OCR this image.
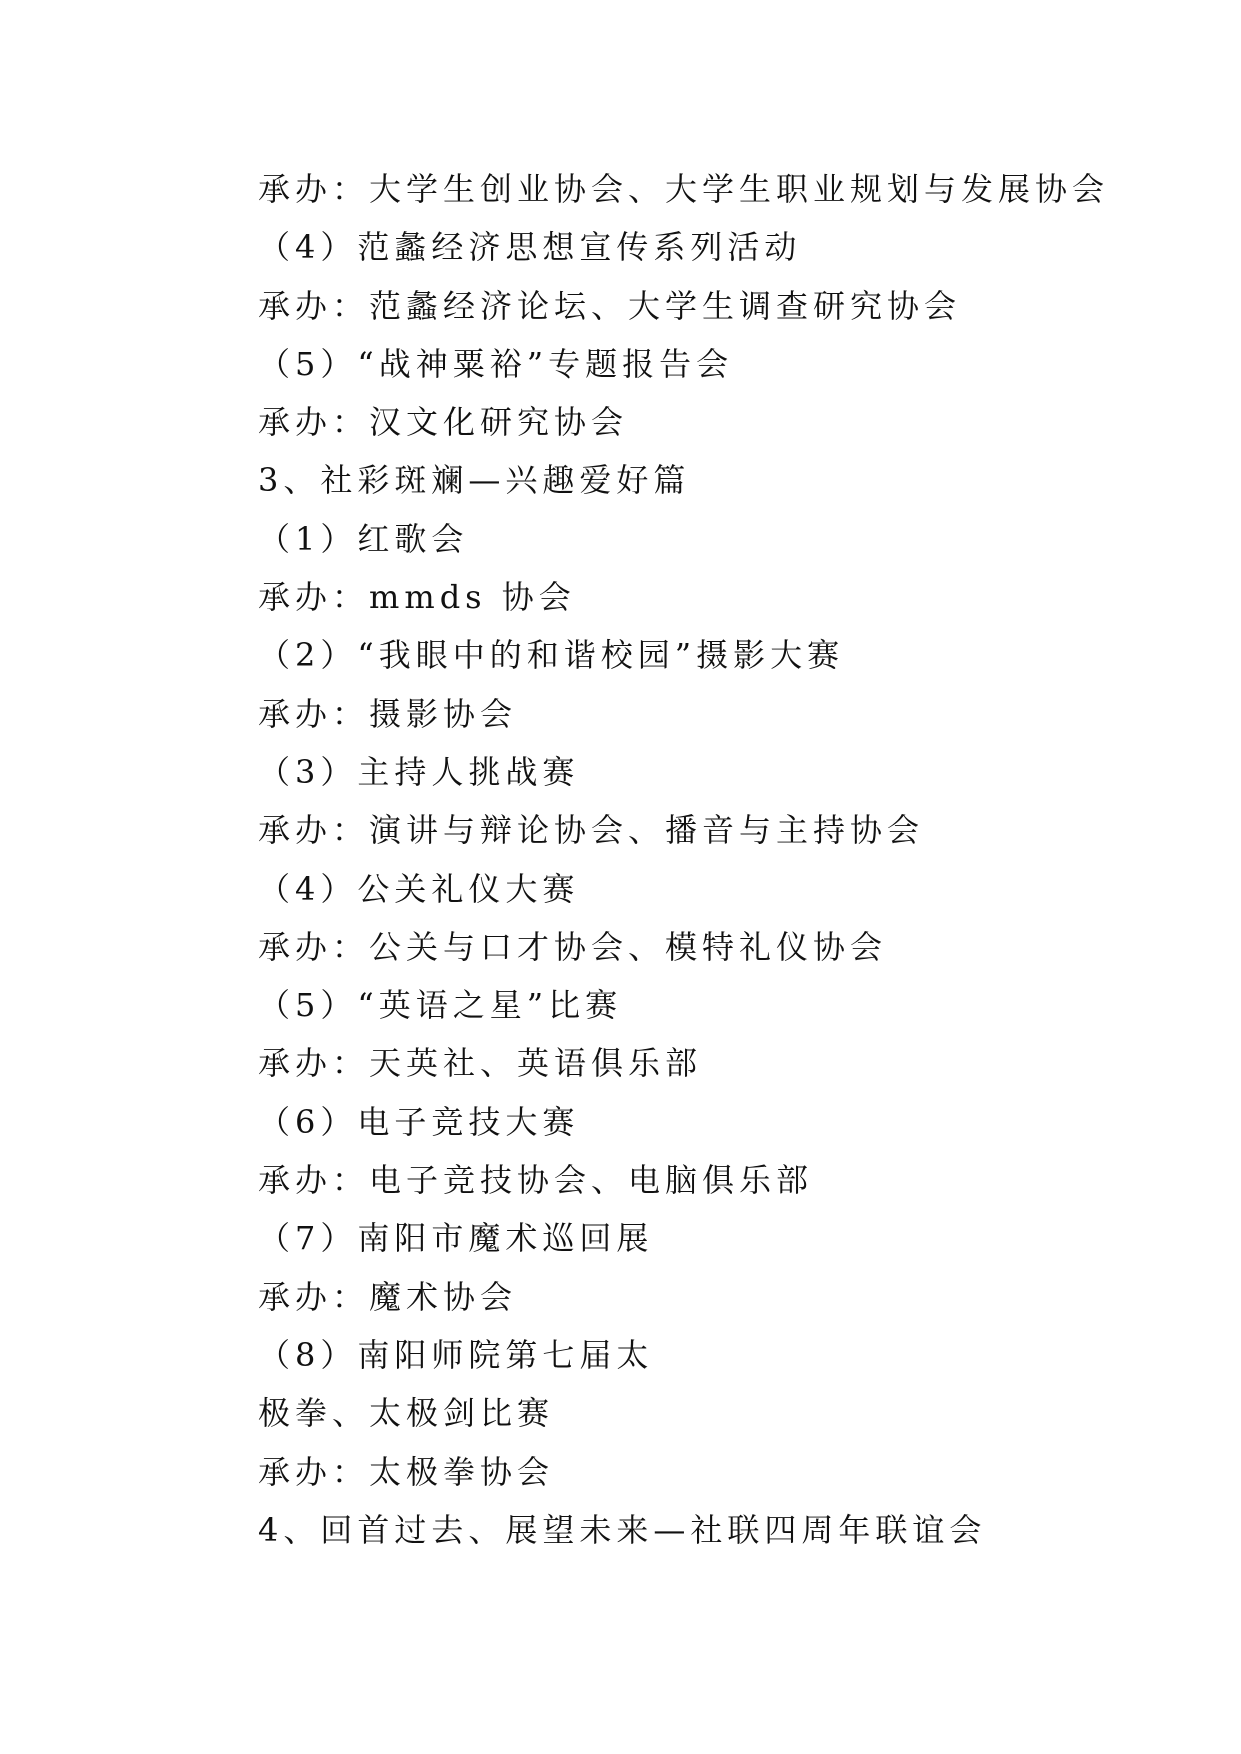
承办：大学生创业协会、大学生职业规划与发展协会
（4）范蠡经济思想宣传系列活动
承办：范蠡经济论坛、大学生调查研究协会
（5）“战神粟裕”专题报告会
承办：汉文化研究协会
3、社彩斑斓—兴趣爱好篇
（1）红歌会
承办：mmds 协会
（2）“我眼中的和谐校园”摄影大赛
承办：摄影协会
（3）主持人挑战赛
承办：演讲与辩论协会、播音与主持协会
（4）公关礼仪大赛
承办：公关与口才协会、模特礼仪协会
（5）“英语之星”比赛
承办：天英社、英语俱乐部
（6）电子竞技大赛
承办：电子竞技协会、电脑俱乐部
（7）南阳市魔术巡回展
承办：魔术协会
（8）南阳师院第七届太
极拳、太极剑比赛
承办：太极拳协会
4、回首过去、展望未来—社联四周年联谊会
